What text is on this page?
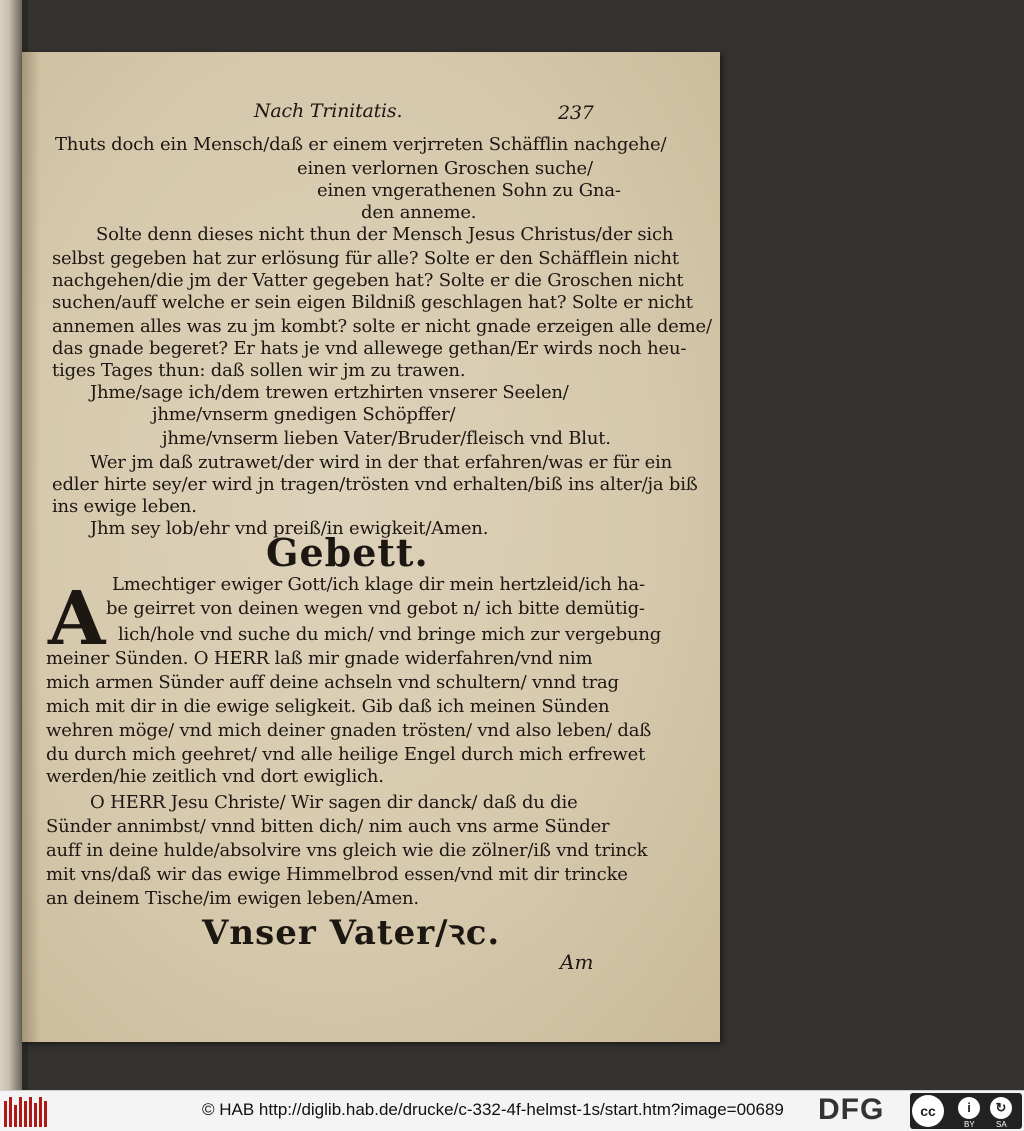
Nach Trinitatis.	237
Thuts doch ein Mensch/daß er einem verjrreten Schäfflin nachgehe/
einen verlornen Groschen suche/
einen vngerathenen Sohn zu Gna-
den anneme.
Solte denn dieses nicht thun der Mensch Jesus Christus/der sich
selbst gegeben hat zur erlösung für alle? Solte er den Schäfflein nicht
nachgehen/die jm der Vatter gegeben hat? Solte er die Groschen nicht
suchen/auff welche er sein eigen Bildniß geschlagen hat? Solte er nicht
annemen alles was zu jm kombt? solte er nicht gnade erzeigen alle deme/
das gnade begeret? Er hats je vnd allewege gethan/Er wirds noch heu-
tiges Tages thun: daß sollen wir jm zu trawen.
Jhme/sage ich/dem trewen ertzhirten vnserer Seelen/
jhme/vnserm gnedigen Schöpffer/
jhme/vnserm lieben Vater/Bruder/fleisch vnd Blut.
Wer jm daß zutrawet/der wird in der that erfahren/was er für ein
edler hirte sey/er wird jn tragen/trösten vnd erhalten/biß ins alter/ja biß
ins ewige leben.
Jhm sey lob/ehr vnd preiß/in ewigkeit/Amen.
Gebett.
A Lmechtiger ewiger Gott/ich klage dir mein hertzleid/ich ha-
be geirret von deinen wegen vnd gebot n/ ich bitte demütig-
lich/hole vnd suche du mich/ vnd bringe mich zur vergebung
meiner Sünden. O HERR laß mir gnade widerfahren/vnd nim
mich armen Sünder auff deine achseln vnd schultern/ vnnd trag
mich mit dir in die ewige seligkeit. Gib daß ich meinen Sünden
wehren möge/ vnd mich deiner gnaden trösten/ vnd also leben/ daß
du durch mich geehret/ vnd alle heilige Engel durch mich erfrewet
werden/hie zeitlich vnd dort ewiglich.
O HERR Jesu Christe/ Wir sagen dir danck/ daß du die
Sünder annimbst/ vnnd bitten dich/ nim auch vns arme Sünder
auff in deine hulde/absolvire vns gleich wie die zölner/iß vnd trinck
mit vns/daß wir das ewige Himmelbrod essen/vnd mit dir trincke
an deinem Tische/im ewigen leben/Amen.
Vnser Vater/ꝛc.
Am
© HAB http://diglib.hab.de/drucke/c-332-4f-helmst-1s/start.htm?image=00689 DFG	cc	i	↻
BY	SA
